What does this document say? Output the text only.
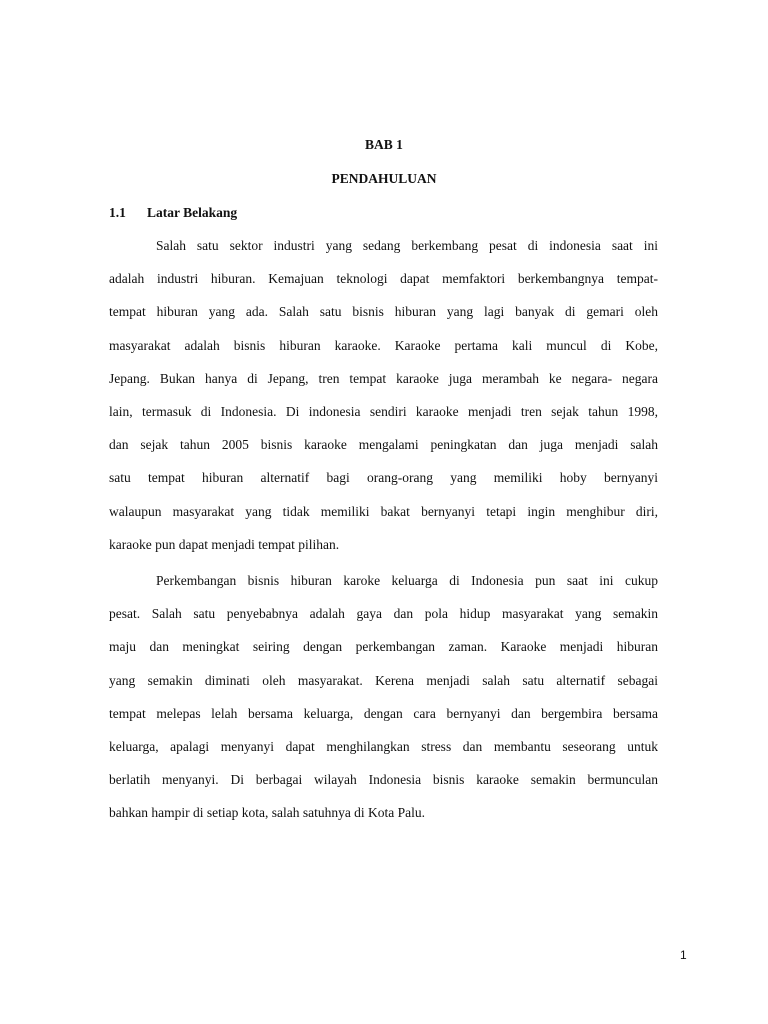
BAB 1
PENDAHULUAN
1.1 Latar Belakang
Salah satu sektor industri yang sedang berkembang pesat di indonesia saat ini
adalah industri hiburan. Kemajuan teknologi dapat memfaktori berkembangnya tempat-
tempat hiburan yang ada. Salah satu bisnis hiburan yang lagi banyak di gemari oleh
masyarakat adalah bisnis hiburan karaoke. Karaoke pertama kali muncul di Kobe,
Jepang. Bukan hanya di Jepang, tren tempat karaoke juga merambah ke negara- negara
lain, termasuk di Indonesia. Di indonesia sendiri karaoke menjadi tren sejak tahun 1998,
dan sejak tahun 2005 bisnis karaoke mengalami peningkatan dan juga menjadi salah
satu tempat hiburan alternatif bagi orang-orang yang memiliki hoby bernyanyi
walaupun masyarakat yang tidak memiliki bakat bernyanyi tetapi ingin menghibur diri,
karaoke pun dapat menjadi tempat pilihan.
Perkembangan bisnis hiburan karoke keluarga di Indonesia pun saat ini cukup
pesat. Salah satu penyebabnya adalah gaya dan pola hidup masyarakat yang semakin
maju dan meningkat seiring dengan perkembangan zaman. Karaoke menjadi hiburan
yang semakin diminati oleh masyarakat. Kerena menjadi salah satu alternatif sebagai
tempat melepas lelah bersama keluarga, dengan cara bernyanyi dan bergembira bersama
keluarga, apalagi menyanyi dapat menghilangkan stress dan membantu seseorang untuk
berlatih menyanyi. Di berbagai wilayah Indonesia bisnis karaoke semakin bermunculan
bahkan hampir di setiap kota, salah satuhnya di Kota Palu.
1
